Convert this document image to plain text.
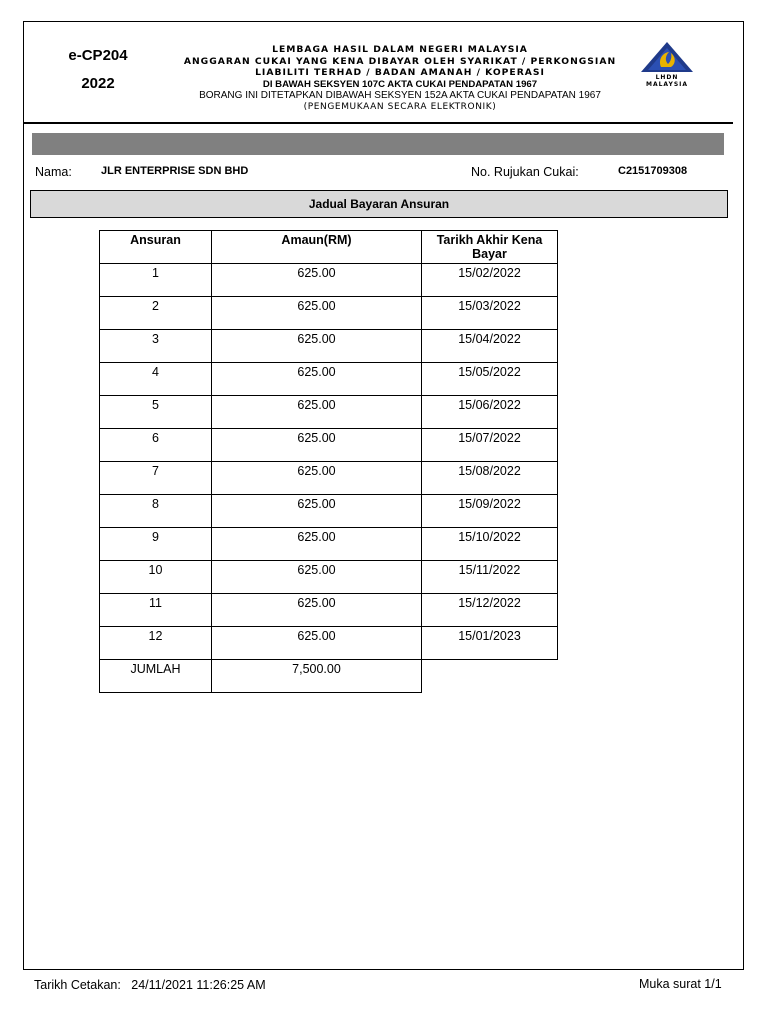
e-CP204
2022
LEMBAGA HASIL DALAM NEGERI MALAYSIA
ANGGARAN CUKAI YANG KENA DIBAYAR OLEH SYARIKAT / PERKONGSIAN
LIABILITI TERHAD / BADAN AMANAH / KOPERASI
DI BAWAH SEKSYEN 107C AKTA CUKAI PENDAPATAN 1967
BORANG INI DITETAPKAN DIBAWAH SEKSYEN 152A AKTA CUKAI PENDAPATAN 1967
(PENGEMUKAAN SECARA ELEKTRONIK)
LHDN
MALAYSIA
Nama:	JLR ENTERPRISE SDN BHD	No. Rujukan Cukai:	C2151709308
Jadual Bayaran Ansuran
Ansuran	Amaun(RM)	Tarikh Akhir Kena Bayar
1	625.00	15/02/2022
2	625.00	15/03/2022
3	625.00	15/04/2022
4	625.00	15/05/2022
5	625.00	15/06/2022
6	625.00	15/07/2022
7	625.00	15/08/2022
8	625.00	15/09/2022
9	625.00	15/10/2022
10	625.00	15/11/2022
11	625.00	15/12/2022
12	625.00	15/01/2023
JUMLAH	7,500.00	
Tarikh Cetakan: 24/11/2021 11:26:25 AM	Muka surat 1/1
